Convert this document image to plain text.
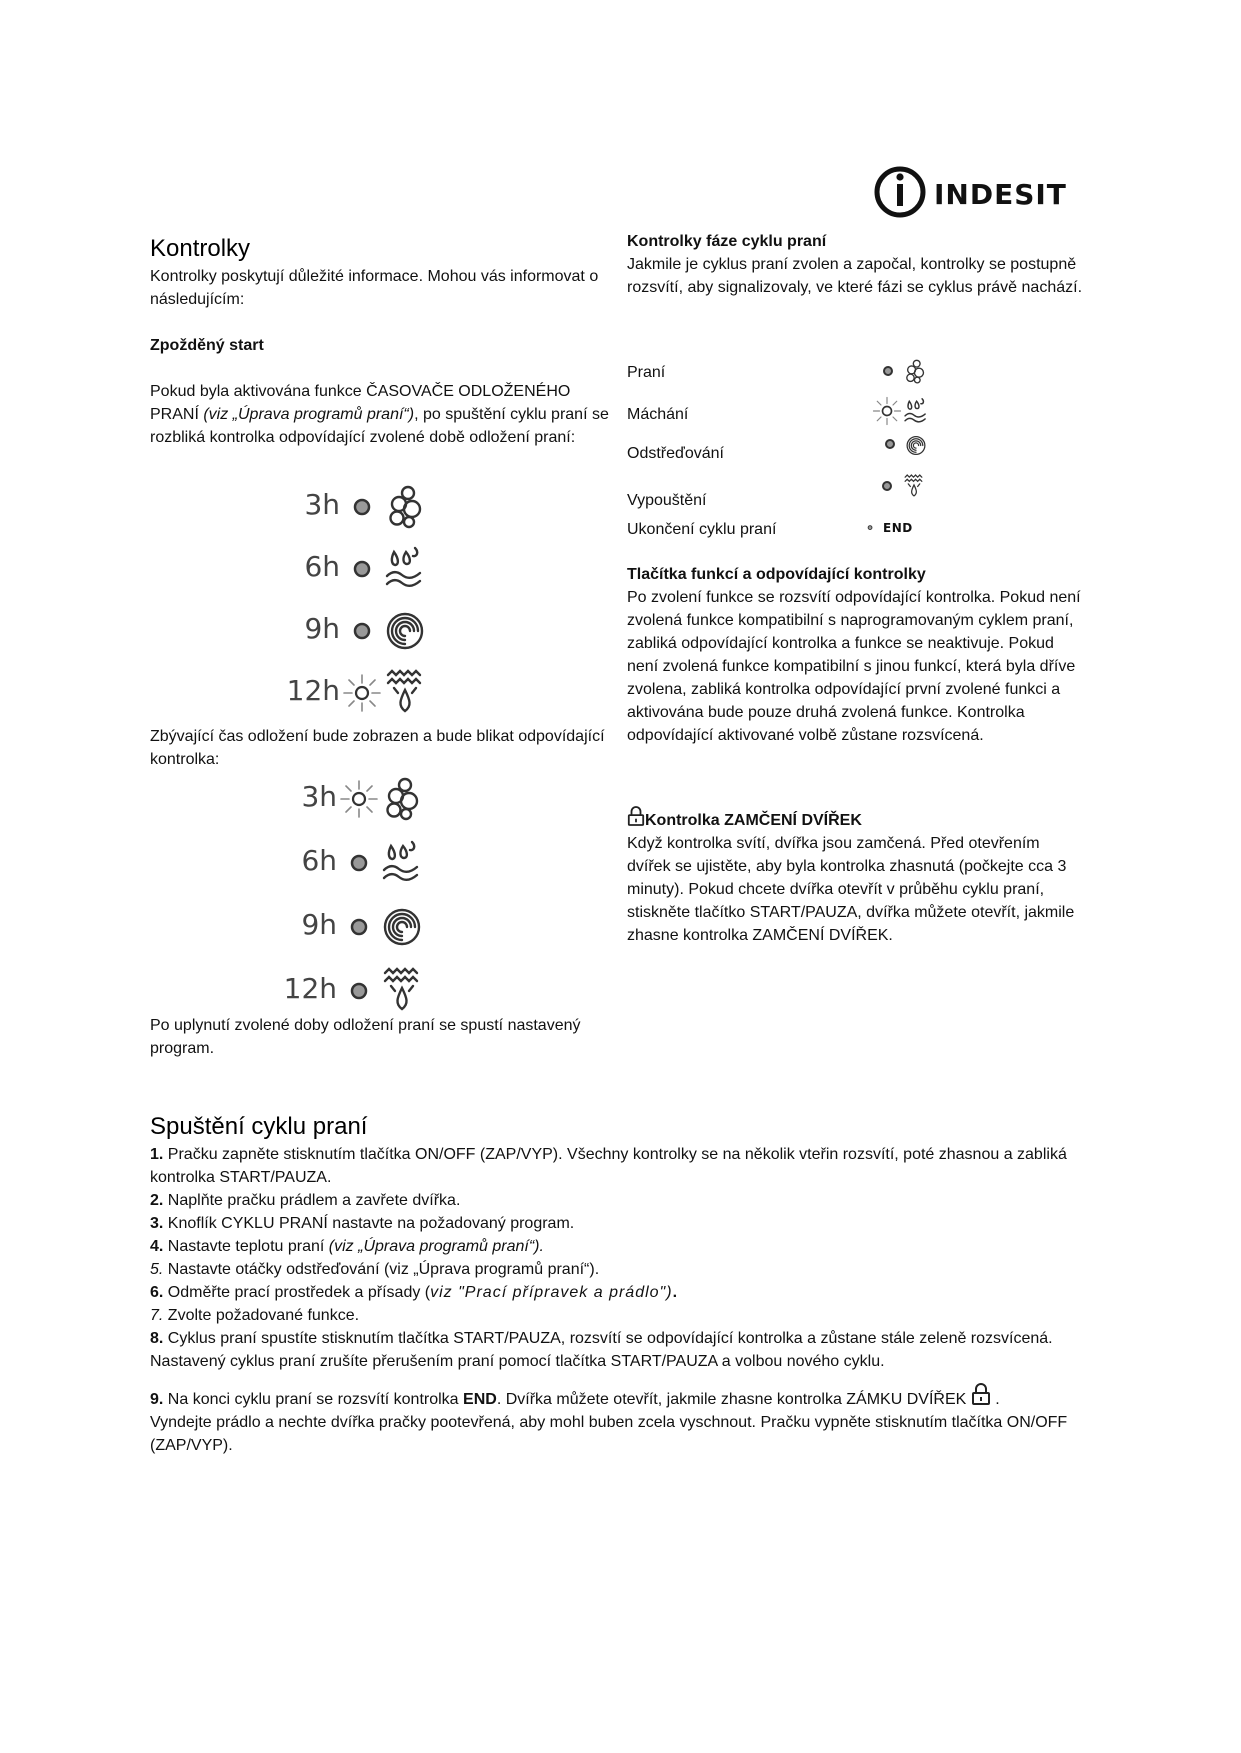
INDESIT

Kontrolky

Kontrolky poskytují důležité informace. Mohou vás informovat o následujícím:

Zpožděný start

Pokud byla aktivována funkce ČASOVAČE ODLOŽENÉHO PRANÍ (viz „Úprava programů praní“), po spuštění cyklu praní se rozbliká kontrolka odpovídající zvolené době odložení praní:

3h
6h
9h
12h

Zbývající čas odložení bude zobrazen a bude blikat odpovídající kontrolka:

3h
6h
9h
12h

Po uplynutí zvolené doby odložení praní se spustí nastavený program.

Kontrolky fáze cyklu praní

Jakmile je cyklus praní zvolen a započal, kontrolky se postupně rozsvítí, aby signalizovaly, ve které fázi se cyklus právě nachází.

Praní
Máchání
Odstřeďování
Vypouštění
Ukončení cyklu praní	END

Tlačítka funkcí a odpovídající kontrolky

Po zvolení funkce se rozsvítí odpovídající kontrolka. Pokud není zvolená funkce kompatibilní s naprogramovaným cyklem praní, zabliká odpovídající kontrolka a funkce se neaktivuje. Pokud není zvolená funkce kompatibilní s jinou funkcí, která byla dříve zvolena, zabliká kontrolka odpovídající první zvolené funkci a aktivována bude pouze druhá zvolená funkce. Kontrolka odpovídající aktivované volbě zůstane rozsvícená.

Kontrolka ZAMČENÍ DVÍŘEK

Když kontrolka svítí, dvířka jsou zamčená. Před otevřením dvířek se ujistěte, aby byla kontrolka zhasnutá (počkejte cca 3 minuty). Pokud chcete dvířka otevřít v průběhu cyklu praní, stiskněte tlačítko START/PAUZA, dvířka můžete otevřít, jakmile zhasne kontrolka ZAMČENÍ DVÍŘEK.

Spuštění cyklu praní

1. Pračku zapněte stisknutím tlačítka ON/OFF (ZAP/VYP). Všechny kontrolky se na několik vteřin rozsvítí, poté zhasnou a zabliká kontrolka START/PAUZA.

2. Naplňte pračku prádlem a zavřete dvířka.

3. Knoflík CYKLU PRANÍ nastavte na požadovaný program.

4. Nastavte teplotu praní (viz „Úprava programů praní“).

5. Nastavte otáčky odstřeďování (viz „Úprava programů praní“).

6. Odměřte prací prostředek a přísady (viz "Prací přípravek a prádlo").

7. Zvolte požadované funkce.

8. Cyklus praní spustíte stisknutím tlačítka START/PAUZA, rozsvítí se odpovídající kontrolka a zůstane stále zeleně rozsvícená.

Nastavený cyklus praní zrušíte přerušením praní pomocí tlačítka START/PAUZA a volbou nového cyklu.

9. Na konci cyklu praní se rozsvítí kontrolka END. Dvířka můžete otevřít, jakmile zhasne kontrolka ZÁMKU DVÍŘEK  .

Vyndejte prádlo a nechte dvířka pračky pootevřená, aby mohl buben zcela vyschnout. Pračku vypněte stisknutím tlačítka ON/OFF (ZAP/VYP).
